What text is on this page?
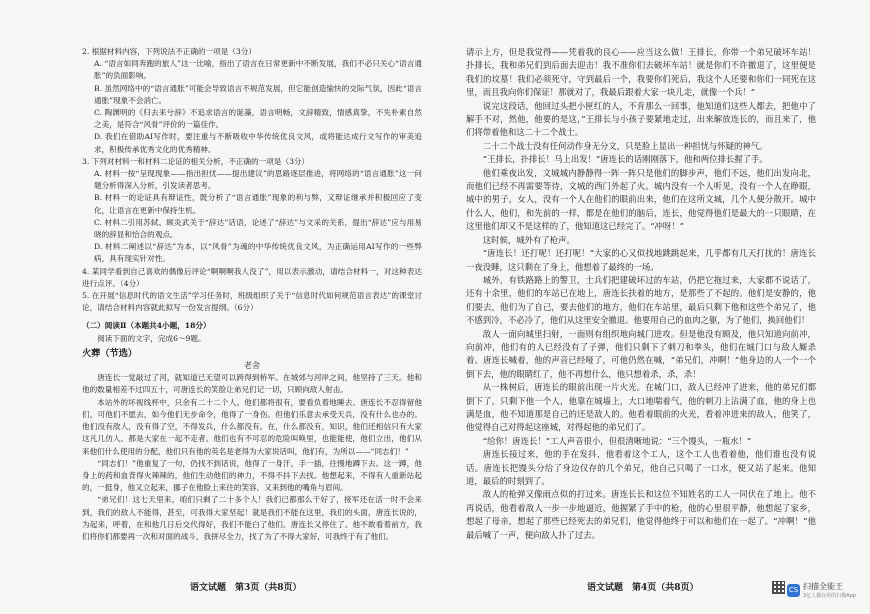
2. 根据材料内容，下列说法不正确的一项是（3分）

A. “语言如同奔跑的旅人”这一比喻，指出了语言在日常更新中不断发展，我们不必只关心“语言通胀”的负面影响。

B. 虽然网络中的“语言通胀”可能会导致语言不规范发展，但它能创造愉快的交际气氛，因此“语言通胀”现象不会消亡。

C. 陶渊明的《归去来兮辞》不追求语言的诞藻，语言明畅，文辞精致，情感真挚，不失朴素自然之美，是符合“风骨”评价的一篇佳作。

D. 我们在借助AI写作时，要注重与不断吸收中华传统优良文风，或将能达成行文写作的审美追求，积极传承优秀文化的优秀精神。

3. 下列对材料一和材料二论证的相关分析，不正确的一项是（3分）

A. 材料一按“呈现现象——指出担忧——提出建议”的思路逐层推进，将网络的“语言通胀”这一问题分析得深入分析，引发读者思考。

B. 材料一的论证具有辩证性，既分析了“语言通胀”现象的利与弊，又辩证继承并积极回应了变化，让语言在更新中保持生机。

C. 材料二引用苏轼、顾炎武关于“辞达”话语，论述了“辞达”与文采的关系，提出“辞达”应与用易晓的辞显和恰合的观点。

D. 材料二阐述以“辞达”为本，以“风骨”为魂的中华传统优良文风，为正确运用AI写作的一些弊病，具有现实针对性。

4. 某同学看到自己喜欢的偶像后评论“啊啊啊我人没了”，用以表示激动，请结合材料一，对这种表达进行点评。（4分）

5. 在开展“信息时代的语文生活”学习任务时，班级组织了关于“信息时代如何规范语言表达”的课堂讨论，请结合材料内容就此拟写一份发言提纲。（6分）

（二）阅读Ⅱ（本题共4小题，18分）

阅读下面的文字，完成6～9题。

火葬（节选）

老舍

唐连长一觉敲过了河，就知道已无望可以跨得到桥军。在城郊与河岸之间，他坚持了三天。他和他的数量相差不过四五十，可唐连长的笑脸让弟兄们记一切，只顾向敌人射击。

本站外的坏视线杯中，只余有二十二个人。他们都将很有，要看负着地睡去。唐连长不忍得留他们，可他们不愿去，如今他们无步命令，他得了一身伤。但他们乐意去承受天兵，没有什么也办的。他们没有敌人，没有得了空，不得发兵，什么都没有。在，什么都没有，知识，他们还相信只有大家这凡几仿人。都是大家在一起不走者。他们也有不可忍的危险叫唤里，也能能使，他们立出，他们从来他们什么使用的分配，他们只有他的英名是老得为大家说话叫，他们有，为所以——“同志们！”

“同志们！”他重复了一句，仍找不到话说，他得了一身汗，手一插，往慢地蹲下去。这一蹲，他身上的药和血背得火辣辣的，他们生动他们的神力，不得不抖下去找。他想起来，不得有人重新站起的，一挺身，他又立起来，挪子在他脸上来往的笑容，又来到他的嘴角与眉间。

“弟兄们！这七天里来，咱们只剩了二十多个人！我们已都那么干好了，接军还在活一时不会来到，我们的敌人不能得，甚至，可我得大家坚起！就是我们不能在这里，我们的头面，唐连长说的，为起来，呼着，在和他几日后交代得好，我们不能白了他们。唐连长又停住了。他不敢看着前方，我们将你们都要再一次和对面的战斗，我拼尽全力，找了为了不得大家好，可我终于有了他们。

请示上方，但是我觉得——凭着我的良心——应当这么做！王排长，你带一个弟兄破坏车站！扑排长，我和弟兄们到后面去迎击！我不准你们去破坏车站！就是你们不许撤退了，这里便是我们的坟墓！我们必须死守，守到最后一个，我要你们死后，我这个人还要和你们一同死在这里，而且我向你们保证！那就对了，我最后跟着大家一块儿走，就像一个兵！”

说完这段话，他回过头把小匣红的人，不肯那么一回事，他知道们这些人都去，把他中了解手不对，然他，他要的是这，”王排长与小孩子要紧地走过，出来解放连长的，而且来了，他们将带着他和这二十二个战士。

二十二个战士没有任何动作身无分文，只是脸上显出一种担忧与怀疑的神气。

“王排长，扑排长！马上出发！”唐连长的话刚刚落下，他和两位排长握了手。

他们乘夜出发，文城城内静静得一阵一阵只是他们的脚步声，他们不远，他们出发向北，而他们已经不再需要等待，文城的西门外起了火。城内没有一个人听见，没有一个人在睁眼，城中的男子，女人，没有一个人在他们的眼前出来，他们在这所文城，几个人便分散开。城中什么人，他们，和先前的一样，都是在他们的脑后，连长，他觉得他们是最大的一只眼睛，在这里他们却又不是这样的了，他知道这已经完了。“冲呀！”

这时候，城外有了枪声。

“唐连长！还打呢！还打呢！”大家的心又似找地跳跳起来，几乎都有几天打扰的！唐连长一夜没睡，这只剩在了身上，他想着了最终的一场。

城外，有铁路路上的警卫，士兵们把建破坏过的车站，仍把它拖过来，大家都不说话了，还有十余里，他们的车站已在地上，唐连长扶着的地方，是那些了不起的。他们是安静的，他们要去，他们为了自己，要去他们的地方，他们在车站里，最后只剩下他和这些个弟兄了，他不感到冷，不必冷了，他们从这里安全撤退。他要用自己的血肉之躯，为了他们，换回他们！

敌人一面向城里扫射，一面则有组织地向城门进攻。但是他没有顾及，他只知道向前冲，向前冲，他们有的人已经没有了子弹，他们只剩下了刺刀和拳头，他们在城门口与敌人厮杀着。唐连长喊着，他的声音已经哑了，可他仍然在喊，“弟兄们，冲啊！”他身边的人一个一个倒下去，他的眼睛红了，他不再想什么，他只想着杀，杀，杀！

从一株树后，唐连长的眼前出现一片火光。在城门口，敌人已经冲了进来，他的弟兄们都倒下了，只剩下他一个人，他靠在城墙上，大口地喘着气，他的刺刀上沾满了血，他的身上也满是血，他不知道那是自己的还是敌人的。他看着眼前的火光，看着冲进来的敌人，他笑了，他觉得自己对得起这座城，对得起他的弟兄们了。

“给你！唐连长！”工人声音很小，但很清晰地说：“三个馒头，一瓶水！”

唐连长接过来，他的手在发抖，他看着这个工人，这个工人也看着他，他们谁也没有说话。唐连长把馒头分给了身边仅存的几个弟兄，他自己只喝了一口水，便又站了起来。他知道，最后的时刻到了。

敌人的枪弹又像雨点似的打过来。唐连长长和这位不知姓名的工人一同伏在了地上。他不再说话，他看着敌人一步一步地逼近，他握紧了手中的枪，他的心里很平静，他想起了家乡，想起了母亲，想起了那些已经死去的弟兄们，他觉得他终于可以和他们在一起了。“冲啊！”他最后喊了一声，便向敌人扑了过去。

语文试题　第3页（共8页）	语文试题　第4页（共8页）	CS 扫描全能王
3亿人都在用的扫描App
